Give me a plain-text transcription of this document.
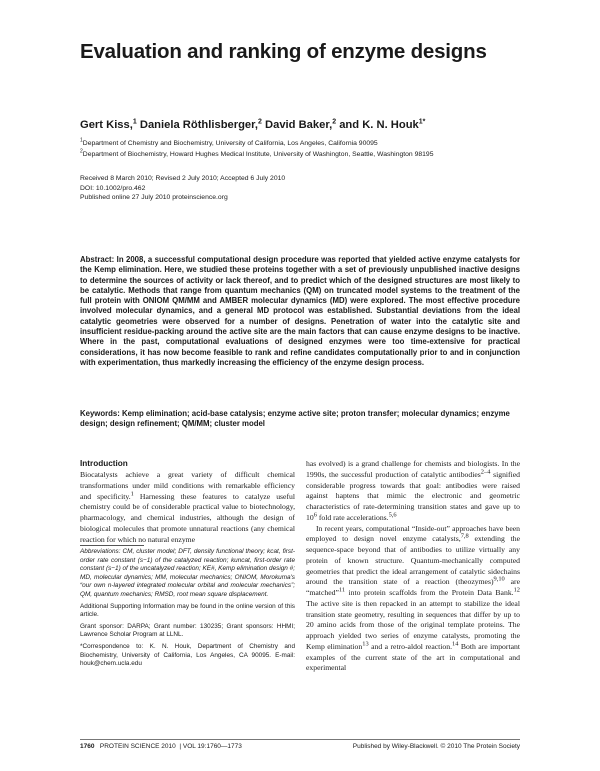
Evaluation and ranking of enzyme designs
Gert Kiss,$^1$ Daniela Röthlisberger,$^2$ David Baker,$^2$ and K. N. Houk$^{1*}$
$^1$Department of Chemistry and Biochemistry, University of California, Los Angeles, California 90095
$^2$Department of Biochemistry, Howard Hughes Medical Institute, University of Washington, Seattle, Washington 98195
Received 8 March 2010; Revised 2 July 2010; Accepted 6 July 2010
DOI: 10.1002/pro.462
Published online 27 July 2010 proteinscience.org
Abstract: In 2008, a successful computational design procedure was reported that yielded active enzyme catalysts for the Kemp elimination. Here, we studied these proteins together with a set of previously unpublished inactive designs to determine the sources of activity or lack thereof, and to predict which of the designed structures are most likely to be catalytic. Methods that range from quantum mechanics (QM) on truncated model systems to the treatment of the full protein with ONIOM QM/MM and AMBER molecular dynamics (MD) were explored. The most effective procedure involved molecular dynamics, and a general MD protocol was established. Substantial deviations from the ideal catalytic geometries were observed for a number of designs. Penetration of water into the catalytic site and insufficient residue-packing around the active site are the main factors that can cause enzyme designs to be inactive. Where in the past, computational evaluations of designed enzymes were too time-extensive for practical considerations, it has now become feasible to rank and refine candidates computationally prior to and in conjunction with experimentation, thus markedly increasing the efficiency of the enzyme design process.
Keywords: Kemp elimination; acid-base catalysis; enzyme active site; proton transfer; molecular dynamics; enzyme design; design refinement; QM/MM; cluster model
Introduction

Biocatalysts achieve a great variety of difficult chemical transformations under mild conditions with remarkable efficiency and specificity.$^1$ Harnessing these features to catalyze useful chemistry could be of considerable practical value to biotechnology, pharmacology, and chemical industries, although the design of biological molecules that promote unnatural reactions (any chemical reaction for which no natural enzyme

Abbreviations: CM, cluster model; DFT, density functional theory; kcat, first-order rate constant (s−1) of the catalyzed reaction; kuncat, first-order rate constant (s−1) of the uncatalyzed reaction; KE#, Kemp elimination design #; MD, molecular dynamics; MM, molecular mechanics; ONIOM, Morokuma's “our own n-layered integrated molecular orbital and molecular mechanics”; QM, quantum mechanics; RMSD, root mean square displacement.

Additional Supporting Information may be found in the online version of this article.

Grant sponsor: DARPA; Grant number: 130235; Grant sponsors: HHMI; Lawrence Scholar Program at LLNL.

*Correspondence to: K. N. Houk, Department of Chemistry and Biochemistry, University of California, Los Angeles, CA 90095. E-mail: houk@chem.ucla.edu

has evolved) is a grand challenge for chemists and biologists. In the 1990s, the successful production of catalytic antibodies$^{2-4}$ signified considerable progress towards that goal: antibodies were raised against haptens that mimic the electronic and geometric characteristics of rate-determining transition states and gave up to $10^6$ fold rate accelerations.$^{5,6}$

In recent years, computational “Inside-out” approaches have been employed to design novel enzyme catalysts,$^{7,8}$ extending the sequence-space beyond that of antibodies to utilize virtually any protein of known structure. Quantum-mechanically computed geometries that predict the ideal arrangement of catalytic sidechains around the transition state of a reaction (theozymes)$^{9,10}$ are “matched”$^{11}$ into protein scaffolds from the Protein Data Bank.$^{12}$ The active site is then repacked in an attempt to stabilize the ideal transition state geometry, resulting in sequences that differ by up to 20 amino acids from those of the original template proteins. The approach yielded two series of enzyme catalysts, promoting the Kemp elimination$^{13}$ and a retro-aldol reaction.$^{14}$ Both are important examples of the current state of the art in computational and experimental

1760 PROTEIN SCIENCE 2010  | VOL 19:1760—1773	Published by Wiley-Blackwell. © 2010 The Protein Society
